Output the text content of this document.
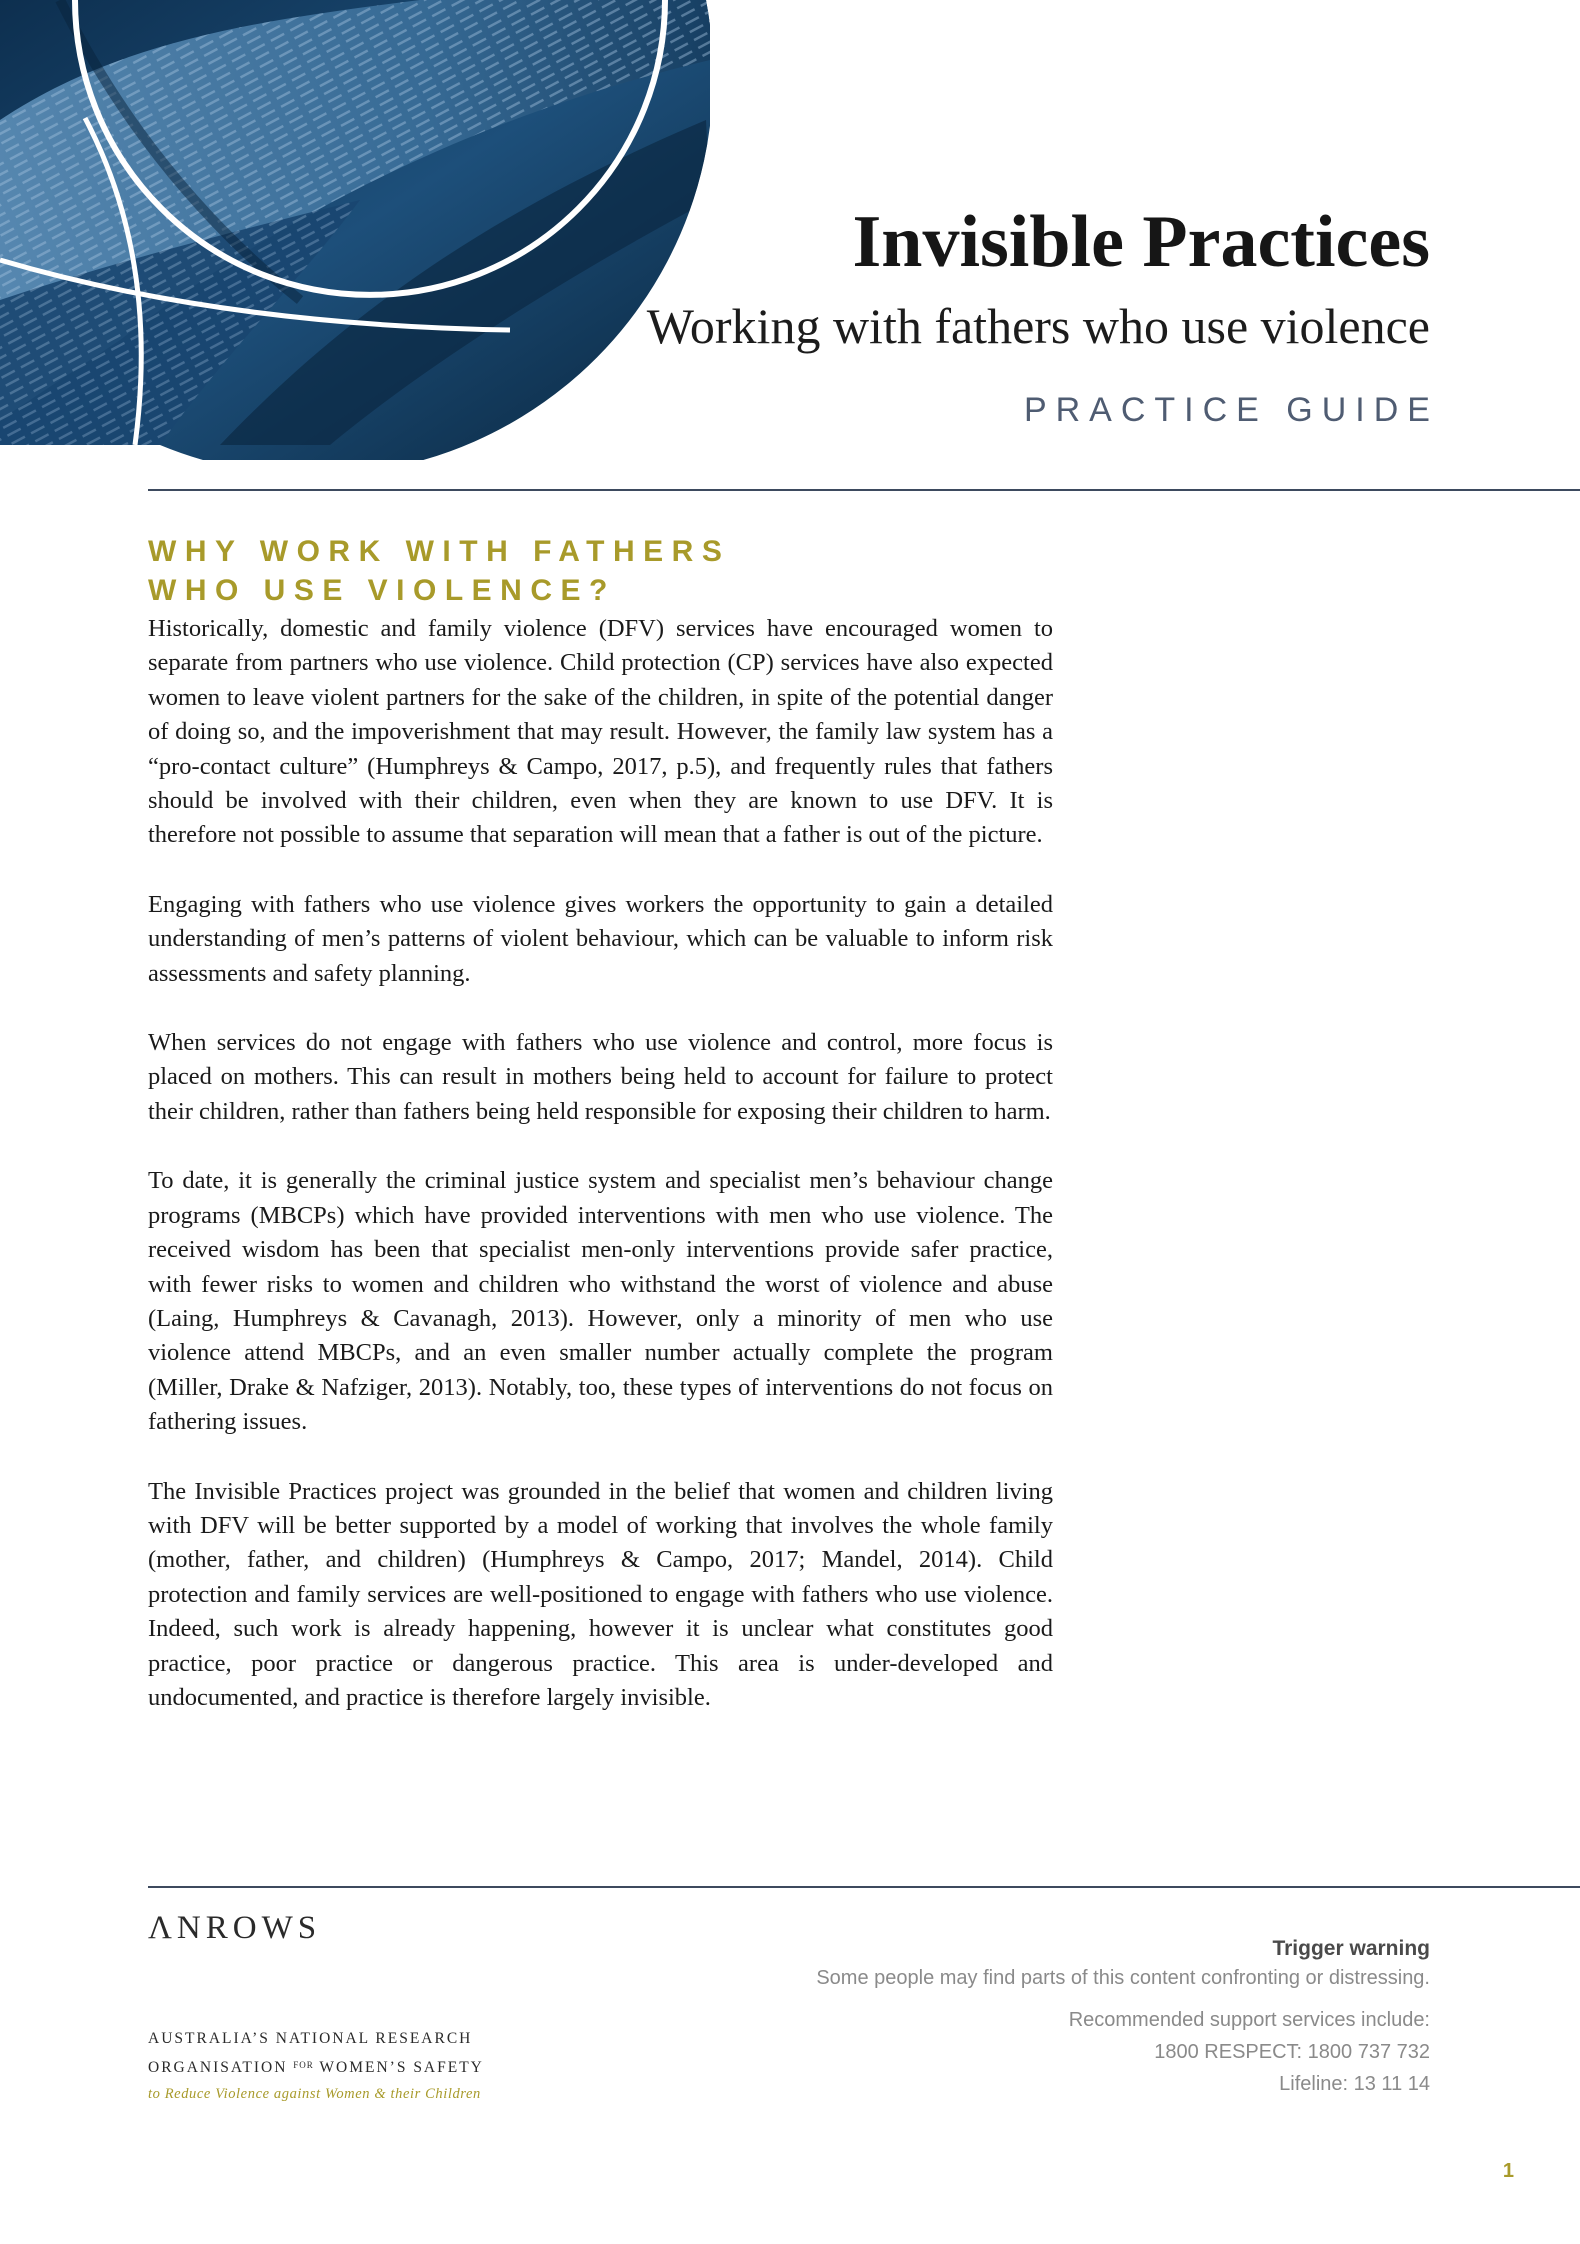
Invisible Practices
Working with fathers who use violence
PRACTICE GUIDE
WHY WORK WITH FATHERS
WHO USE VIOLENCE?

Historically, domestic and family violence (DFV) services have encouraged women to separate from partners who use violence. Child protection (CP) services have also expected women to leave violent partners for the sake of the children, in spite of the potential danger of doing so, and the impoverishment that may result. However, the family law system has a “pro-contact culture” (Humphreys & Campo, 2017, p.5), and frequently rules that fathers should be involved with their children, even when they are known to use DFV. It is therefore not possible to assume that separation will mean that a father is out of the picture.

Engaging with fathers who use violence gives workers the opportunity to gain a detailed understanding of men’s patterns of violent behaviour, which can be valuable to inform risk assessments and safety planning.

When services do not engage with fathers who use violence and control, more focus is placed on mothers. This can result in mothers being held to account for failure to protect their children, rather than fathers being held responsible for exposing their children to harm.

To date, it is generally the criminal justice system and specialist men’s behaviour change programs (MBCPs) which have provided interventions with men who use violence. The received wisdom has been that specialist men-only interventions provide safer practice, with fewer risks to women and children who withstand the worst of violence and abuse (Laing, Humphreys & Cavanagh, 2013). However, only a minority of men who use violence attend MBCPs, and an even smaller number actually complete the program (Miller, Drake & Nafziger, 2013). Notably, too, these types of interventions do not focus on fathering issues.

The Invisible Practices project was grounded in the belief that women and children living with DFV will be better supported by a model of working that involves the whole family (mother, father, and children) (Humphreys & Campo, 2017; Mandel, 2014). Child protection and family services are well-positioned to engage with fathers who use violence. Indeed, such work is already happening, however it is unclear what constitutes good practice, poor practice or dangerous practice. This area is under-developed and undocumented, and practice is therefore largely invisible.

ΛNROWS
AUSTRALIA’S NATIONAL RESEARCH
ORGANISATION $^{FOR}$ WOMEN’S SAFETY
to Reduce Violence against Women & their Children
Trigger warning
Some people may find parts of this content confronting or distressing.
Recommended support services include:
1800 RESPECT: 1800 737 732
Lifeline: 13 11 14
1
